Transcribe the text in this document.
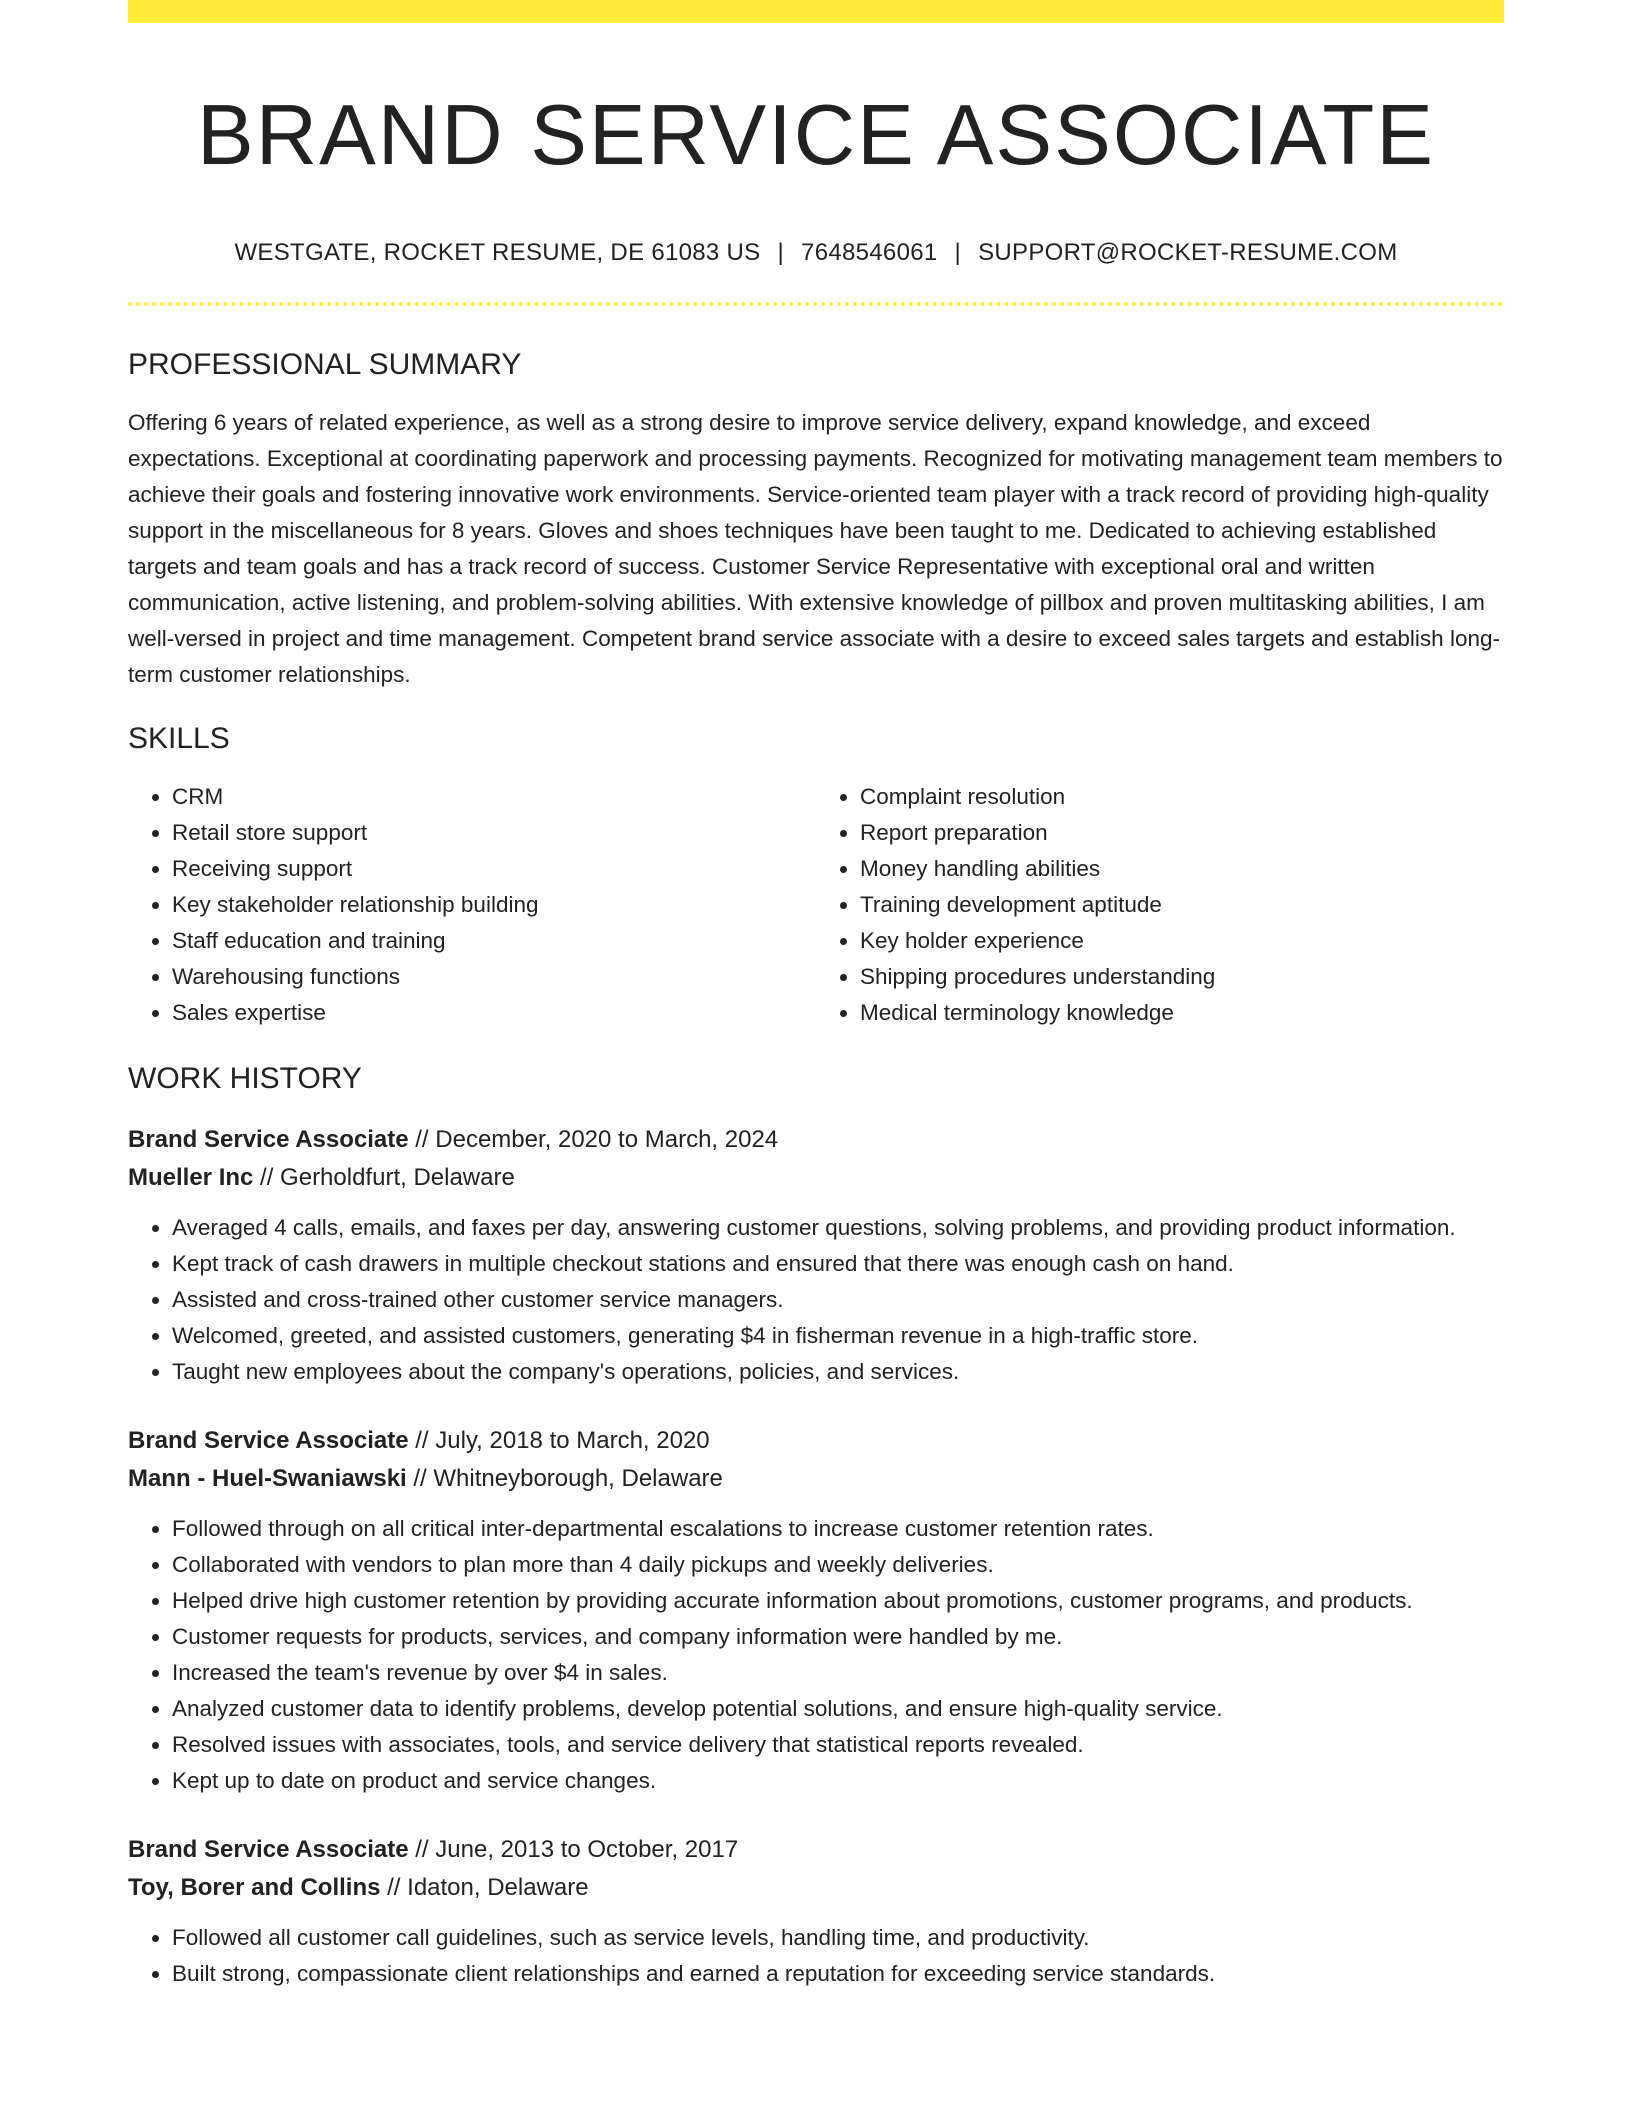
BRAND SERVICE ASSOCIATE
WESTGATE, ROCKET RESUME, DE 61083 US | 7648546061 | SUPPORT@ROCKET-RESUME.COM
PROFESSIONAL SUMMARY
Offering 6 years of related experience, as well as a strong desire to improve service delivery, expand knowledge, and exceed expectations. Exceptional at coordinating paperwork and processing payments. Recognized for motivating management team members to achieve their goals and fostering innovative work environments. Service-oriented team player with a track record of providing high-quality support in the miscellaneous for 8 years. Gloves and shoes techniques have been taught to me. Dedicated to achieving established targets and team goals and has a track record of success. Customer Service Representative with exceptional oral and written communication, active listening, and problem-solving abilities. With extensive knowledge of pillbox and proven multitasking abilities, I am well-versed in project and time management. Competent brand service associate with a desire to exceed sales targets and establish long-term customer relationships.
SKILLS
• CRM
• Retail store support
• Receiving support
• Key stakeholder relationship building
• Staff education and training
• Warehousing functions
• Sales expertise
• Complaint resolution
• Report preparation
• Money handling abilities
• Training development aptitude
• Key holder experience
• Shipping procedures understanding
• Medical terminology knowledge
WORK HISTORY
Brand Service Associate // December, 2020 to March, 2024
Mueller Inc // Gerholdfurt, Delaware
• Averaged 4 calls, emails, and faxes per day, answering customer questions, solving problems, and providing product information.
• Kept track of cash drawers in multiple checkout stations and ensured that there was enough cash on hand.
• Assisted and cross-trained other customer service managers.
• Welcomed, greeted, and assisted customers, generating $4 in fisherman revenue in a high-traffic store.
• Taught new employees about the company's operations, policies, and services.
Brand Service Associate // July, 2018 to March, 2020
Mann - Huel-Swaniawski // Whitneyborough, Delaware
• Followed through on all critical inter-departmental escalations to increase customer retention rates.
• Collaborated with vendors to plan more than 4 daily pickups and weekly deliveries.
• Helped drive high customer retention by providing accurate information about promotions, customer programs, and products.
• Customer requests for products, services, and company information were handled by me.
• Increased the team's revenue by over $4 in sales.
• Analyzed customer data to identify problems, develop potential solutions, and ensure high-quality service.
• Resolved issues with associates, tools, and service delivery that statistical reports revealed.
• Kept up to date on product and service changes.
Brand Service Associate // June, 2013 to October, 2017
Toy, Borer and Collins // Idaton, Delaware
• Followed all customer call guidelines, such as service levels, handling time, and productivity.
• Built strong, compassionate client relationships and earned a reputation for exceeding service standards.
